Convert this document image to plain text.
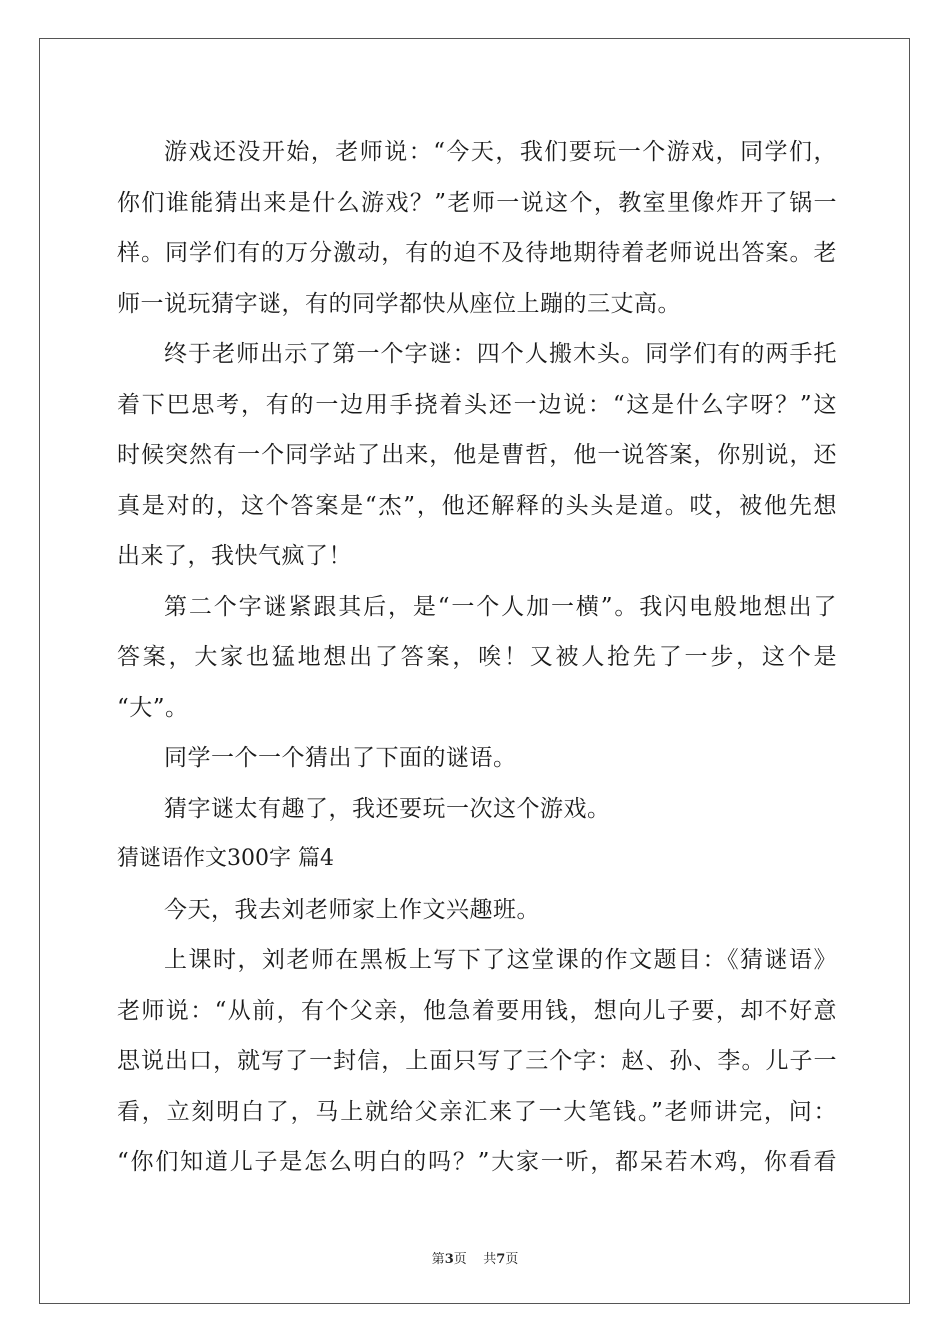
游戏还没开始，老师说：“今天，我们要玩一个游戏，同学们，
你们谁能猜出来是什么游戏？”老师一说这个，教室里像炸开了锅一
样。同学们有的万分激动，有的迫不及待地期待着老师说出答案。老
师一说玩猜字谜，有的同学都快从座位上蹦的三丈高。
终于老师出示了第一个字谜：四个人搬木头。同学们有的两手托
着下巴思考，有的一边用手挠着头还一边说：“这是什么字呀？”这
时候突然有一个同学站了出来，他是曹哲，他一说答案，你别说，还
真是对的，这个答案是“杰”，他还解释的头头是道。哎，被他先想
出来了，我快气疯了！
第二个字谜紧跟其后，是“一个人加一横”。我闪电般地想出了
答案，大家也猛地想出了答案，唉！又被人抢先了一步，这个是
“大”。
同学一个一个猜出了下面的谜语。
猜字谜太有趣了，我还要玩一次这个游戏。
猜谜语作文300字 篇4
今天，我去刘老师家上作文兴趣班。
上课时，刘老师在黑板上写下了这堂课的作文题目：《猜谜语》
老师说：“从前，有个父亲，他急着要用钱，想向儿子要，却不好意
思说出口，就写了一封信，上面只写了三个字：赵、孙、李。儿子一
看，立刻明白了，马上就给父亲汇来了一大笔钱。”老师讲完，问：
“你们知道儿子是怎么明白的吗？”大家一听，都呆若木鸡，你看看
第3页    共7页
